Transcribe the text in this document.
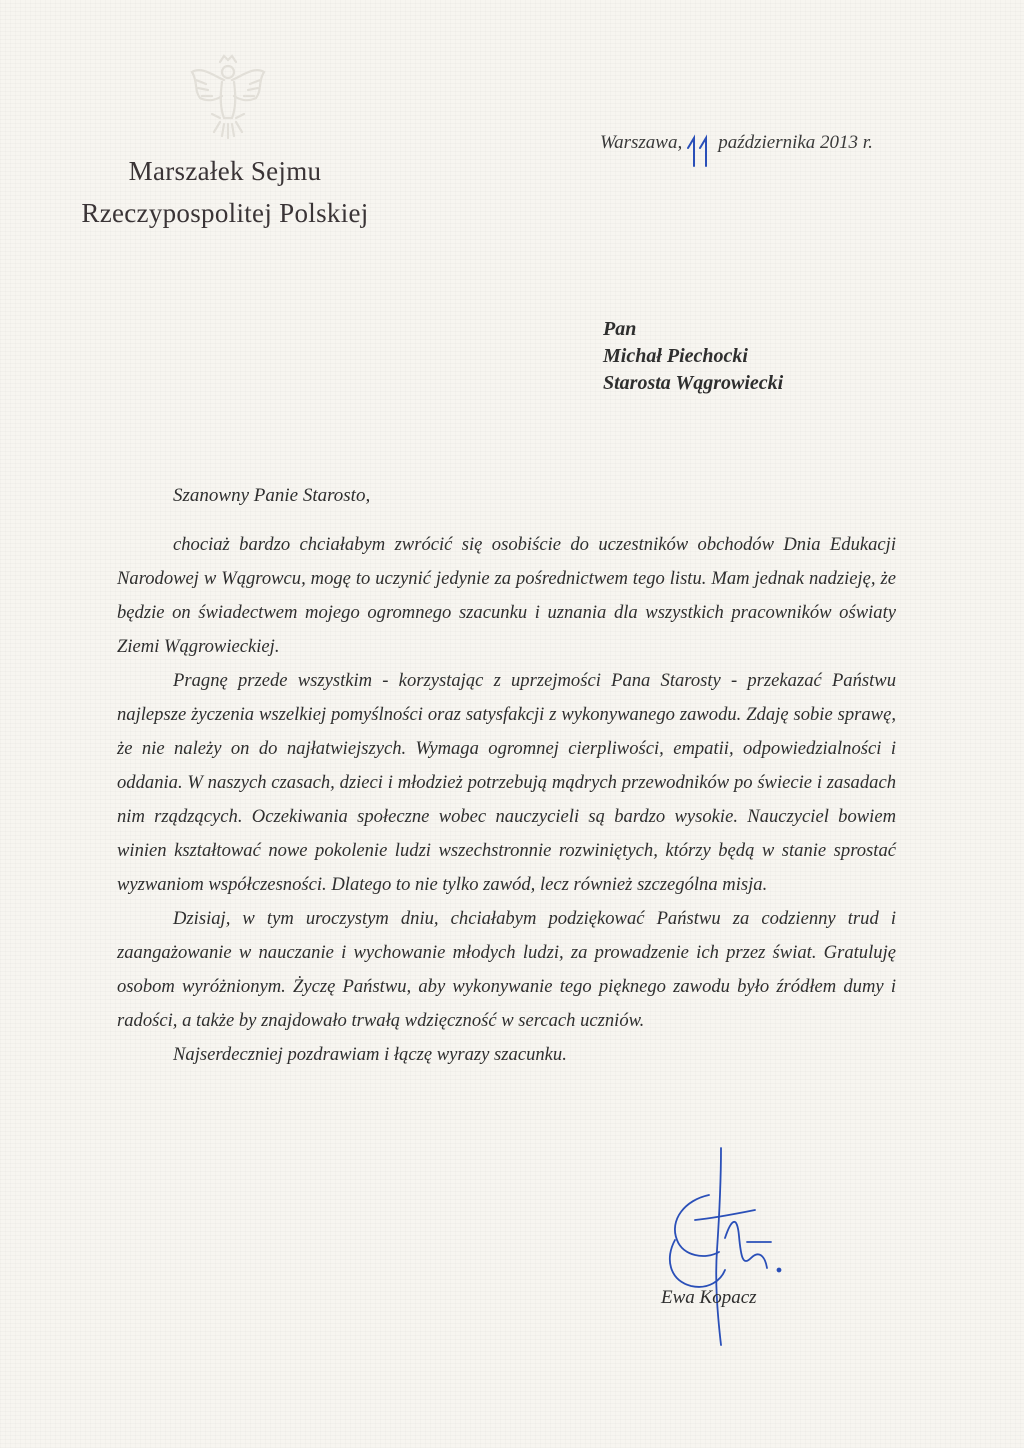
Marszałek Sejmu
Rzeczypospolitej Polskiej
Warszawa, października 2013 r.
Pan
Michał Piechocki
Starosta Wągrowiecki
Szanowny Panie Starosto,

chociaż bardzo chciałabym zwrócić się osobiście do uczestników obchodów Dnia Edukacji Narodowej w Wągrowcu, mogę to uczynić jedynie za pośrednictwem tego listu. Mam jednak nadzieję, że będzie on świadectwem mojego ogromnego szacunku i uznania dla wszystkich pracowników oświaty Ziemi Wągrowieckiej.

Pragnę przede wszystkim - korzystając z uprzejmości Pana Starosty - przekazać Państwu najlepsze życzenia wszelkiej pomyślności oraz satysfakcji z wykonywanego zawodu. Zdaję sobie sprawę, że nie należy on do najłatwiejszych. Wymaga ogromnej cierpliwości, empatii, odpowiedzialności i oddania. W naszych czasach, dzieci i młodzież potrzebują mądrych przewodników po świecie i zasadach nim rządzących. Oczekiwania społeczne wobec nauczycieli są bardzo wysokie. Nauczyciel bowiem winien kształtować nowe pokolenie ludzi wszechstronnie rozwiniętych, którzy będą w stanie sprostać wyzwaniom współczesności. Dlatego to nie tylko zawód, lecz również szczególna misja.

Dzisiaj, w tym uroczystym dniu, chciałabym podziękować Państwu za codzienny trud i zaangażowanie w nauczanie i wychowanie młodych ludzi, za prowadzenie ich przez świat. Gratuluję osobom wyróżnionym. Życzę Państwu, aby wykonywanie tego pięknego zawodu było źródłem dumy i radości, a także by znajdowało trwałą wdzięczność w sercach uczniów.

Najserdeczniej pozdrawiam i łączę wyrazy szacunku.

Ewa Kopacz
